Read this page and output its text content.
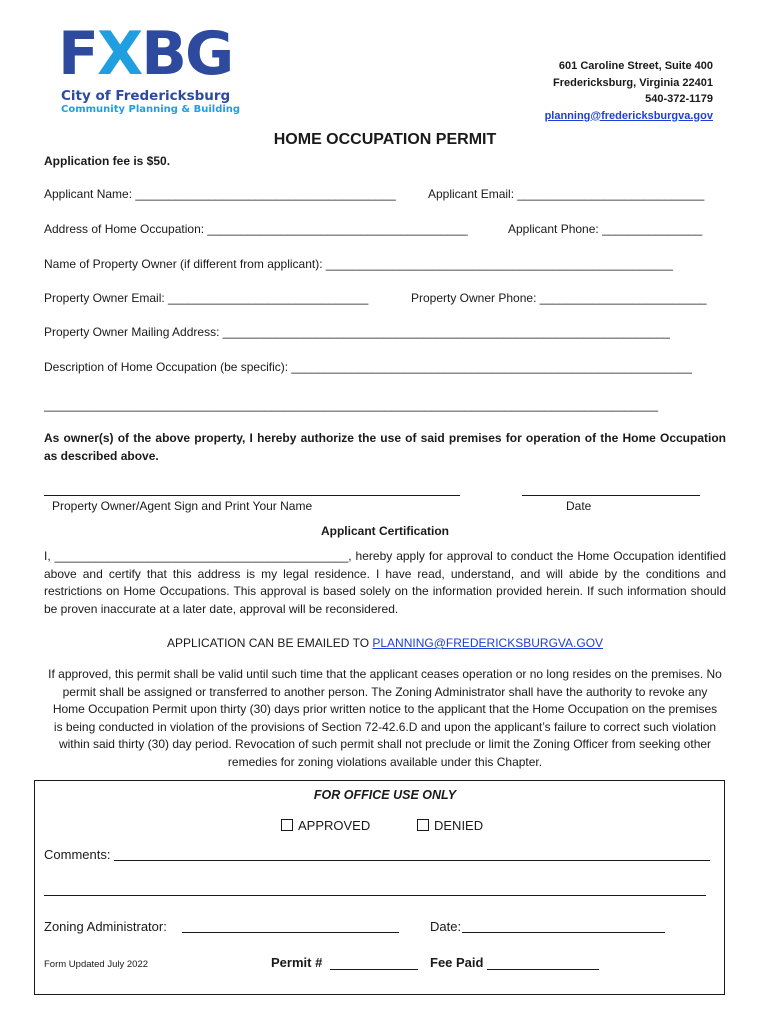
FXBG
City of Fredericksburg
Community Planning & Building
601 Caroline Street, Suite 400
Fredericksburg, Virginia 22401
540-372-1179
planning@fredericksburgva.gov
HOME OCCUPATION PERMIT
Application fee is $50.
Applicant Name: _______________________________________	Applicant Email: ____________________________
Address of Home Occupation: _______________________________________	Applicant Phone: _______________
Name of Property Owner (if different from applicant): ____________________________________________________
Property Owner Email: ______________________________	Property Owner Phone: _________________________
Property Owner Mailing Address: ___________________________________________________________________
Description of Home Occupation (be specific): ____________________________________________________________
____________________________________________________________________________________________
As owner(s) of the above property, I hereby authorize the use of said premises for operation of the Home Occupation as described above.
Property Owner/Agent Sign and Print Your Name	Date
Applicant Certification
I, ____________________________________________, hereby apply for approval to conduct the Home Occupation identified above and certify that this address is my legal residence. I have read, understand, and will abide by the conditions and restrictions on Home Occupations. This approval is based solely on the information provided herein. If such information should be proven inaccurate at a later date, approval will be reconsidered.
APPLICATION CAN BE EMAILED TO PLANNING@FREDERICKSBURGVA.GOV
If approved, this permit shall be valid until such time that the applicant ceases operation or no long resides on the premises. No permit shall be assigned or transferred to another person. The Zoning Administrator shall have the authority to revoke any Home Occupation Permit upon thirty (30) days prior written notice to the applicant that the Home Occupation on the premises is being conducted in violation of the provisions of Section 72-42.6.D and upon the applicant’s failure to correct such violation within said thirty (30) day period. Revocation of such permit shall not preclude or limit the Zoning Officer from seeking other remedies for zoning violations available under this Chapter.
FOR OFFICE USE ONLY
APPROVED	DENIED
Comments:
Zoning Administrator:	Date:
Form Updated July 2022	Permit #	Fee Paid
